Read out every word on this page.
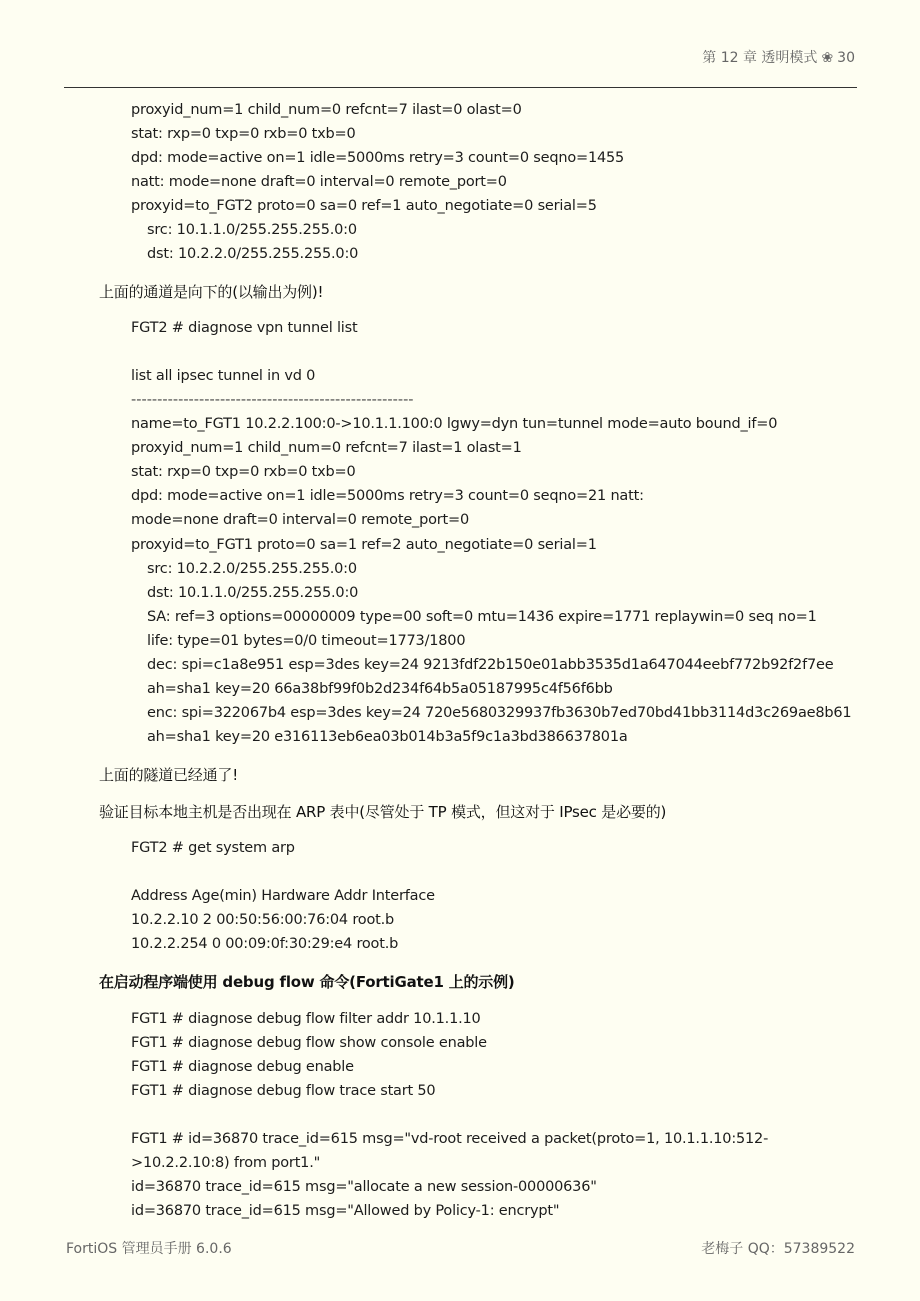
第 12 章 透明模式 ❀ 30
proxyid_num=1 child_num=0 refcnt=7 ilast=0 olast=0
stat: rxp=0 txp=0 rxb=0 txb=0
dpd: mode=active on=1 idle=5000ms retry=3 count=0 seqno=1455
natt: mode=none draft=0 interval=0 remote_port=0
proxyid=to_FGT2 proto=0 sa=0 ref=1 auto_negotiate=0 serial=5
src: 10.1.1.0/255.255.255.0:0
dst: 10.2.2.0/255.255.255.0:0
上面的通道是向下的(以输出为例)!
FGT2 # diagnose vpn tunnel list
list all ipsec tunnel in vd 0
------------------------------------------------------
name=to_FGT1 10.2.2.100:0->10.1.1.100:0 lgwy=dyn tun=tunnel mode=auto bound_if=0
proxyid_num=1 child_num=0 refcnt=7 ilast=1 olast=1
stat: rxp=0 txp=0 rxb=0 txb=0
dpd: mode=active on=1 idle=5000ms retry=3 count=0 seqno=21 natt:
mode=none draft=0 interval=0 remote_port=0
proxyid=to_FGT1 proto=0 sa=1 ref=2 auto_negotiate=0 serial=1
src: 10.2.2.0/255.255.255.0:0
dst: 10.1.1.0/255.255.255.0:0
SA: ref=3 options=00000009 type=00 soft=0 mtu=1436 expire=1771 replaywin=0 seq no=1
life: type=01 bytes=0/0 timeout=1773/1800
dec: spi=c1a8e951 esp=3des key=24 9213fdf22b150e01abb3535d1a647044eebf772b92f2f7ee
ah=sha1 key=20 66a38bf99f0b2d234f64b5a05187995c4f56f6bb
enc: spi=322067b4 esp=3des key=24 720e5680329937fb3630b7ed70bd41bb3114d3c269ae8b61
ah=sha1 key=20 e316113eb6ea03b014b3a5f9c1a3bd386637801a
上面的隧道已经通了!
验证目标本地主机是否出现在 ARP 表中(尽管处于 TP 模式，但这对于 IPsec 是必要的)
FGT2 # get system arp
Address Age(min) Hardware Addr Interface
10.2.2.10 2 00:50:56:00:76:04 root.b
10.2.2.254 0 00:09:0f:30:29:e4 root.b
在启动程序端使用 debug flow 命令(FortiGate1 上的示例)
FGT1 # diagnose debug flow filter addr 10.1.1.10
FGT1 # diagnose debug flow show console enable
FGT1 # diagnose debug enable
FGT1 # diagnose debug flow trace start 50
FGT1 # id=36870 trace_id=615 msg="vd-root received a packet(proto=1, 10.1.1.10:512-
>10.2.2.10:8) from port1."
id=36870 trace_id=615 msg="allocate a new session-00000636"
id=36870 trace_id=615 msg="Allowed by Policy-1: encrypt"
FortiOS 管理员手册 6.0.6	老梅子 QQ：57389522
